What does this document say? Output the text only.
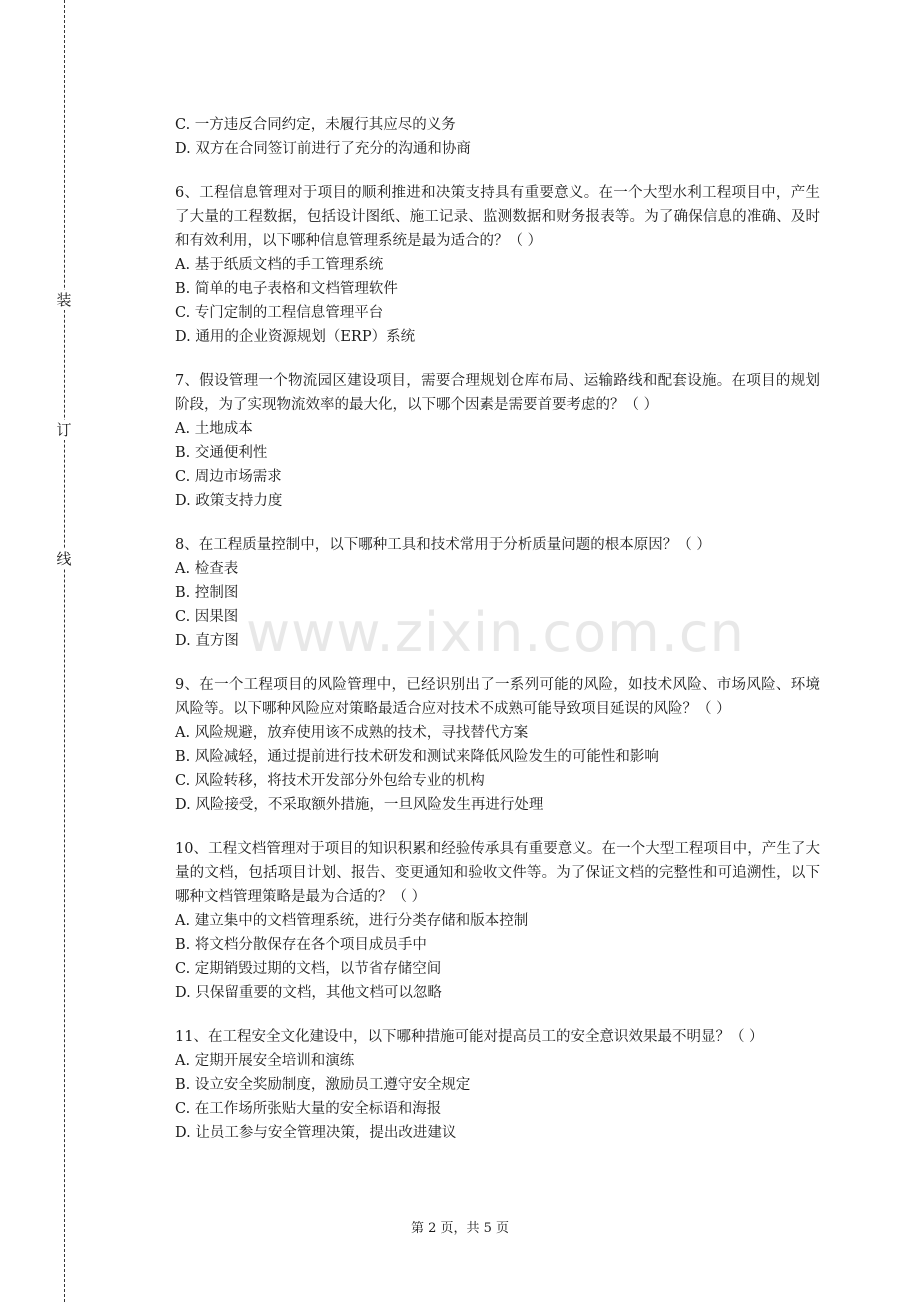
装
订
线

C. 一方违反合同约定，未履行其应尽的义务

D. 双方在合同签订前进行了充分的沟通和协商

6、工程信息管理对于项目的顺利推进和决策支持具有重要意义。在一个大型水利工程项目中，产生了大量的工程数据，包括设计图纸、施工记录、监测数据和财务报表等。为了确保信息的准确、及时和有效利用，以下哪种信息管理系统是最为适合的？（ ）

A. 基于纸质文档的手工管理系统

B. 简单的电子表格和文档管理软件

C. 专门定制的工程信息管理平台

D. 通用的企业资源规划（ERP）系统

7、假设管理一个物流园区建设项目，需要合理规划仓库布局、运输路线和配套设施。在项目的规划阶段，为了实现物流效率的最大化，以下哪个因素是需要首要考虑的？（ ）

A. 土地成本

B. 交通便利性

C. 周边市场需求

D. 政策支持力度

8、在工程质量控制中，以下哪种工具和技术常用于分析质量问题的根本原因？（ ）

A. 检查表

B. 控制图

C. 因果图

D. 直方图

9、在一个工程项目的风险管理中，已经识别出了一系列可能的风险，如技术风险、市场风险、环境风险等。以下哪种风险应对策略最适合应对技术不成熟可能导致项目延误的风险？（ ）

A. 风险规避，放弃使用该不成熟的技术，寻找替代方案

B. 风险减轻，通过提前进行技术研发和测试来降低风险发生的可能性和影响

C. 风险转移，将技术开发部分外包给专业的机构

D. 风险接受，不采取额外措施，一旦风险发生再进行处理

10、工程文档管理对于项目的知识积累和经验传承具有重要意义。在一个大型工程项目中，产生了大量的文档，包括项目计划、报告、变更通知和验收文件等。为了保证文档的完整性和可追溯性，以下哪种文档管理策略是最为合适的？（ ）

A. 建立集中的文档管理系统，进行分类存储和版本控制

B. 将文档分散保存在各个项目成员手中

C. 定期销毁过期的文档，以节省存储空间

D. 只保留重要的文档，其他文档可以忽略

11、在工程安全文化建设中，以下哪种措施可能对提高员工的安全意识效果最不明显？（ ）

A. 定期开展安全培训和演练

B. 设立安全奖励制度，激励员工遵守安全规定

C. 在工作场所张贴大量的安全标语和海报

D. 让员工参与安全管理决策，提出改进建议

www.zixin.com.cn
第 2 页，共 5 页
